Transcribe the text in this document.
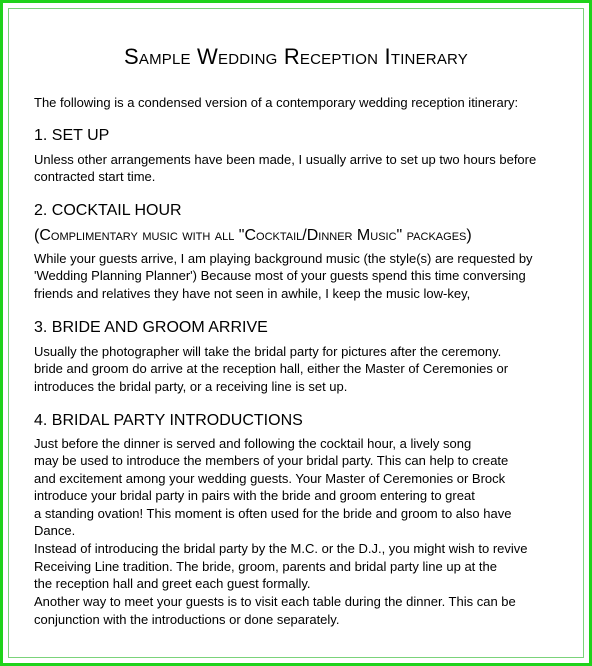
Sample Wedding Reception Itinerary
The following is a condensed version of a contemporary wedding reception itinerary:
1. SET UP
Unless other arrangements have been made, I usually arrive to set up two hours before
contracted start time.
2. COCKTAIL HOUR
(Complimentary music with all "Cocktail/Dinner Music" packages)
While your guests arrive, I am playing background music (the style(s) are requested by
'Wedding Planning Planner') Because most of your guests spend this time conversing
friends and relatives they have not seen in awhile, I keep the music low-key,
3. BRIDE AND GROOM ARRIVE
Usually the photographer will take the bridal party for pictures after the ceremony.
bride and groom do arrive at the reception hall, either the Master of Ceremonies or
introduces the bridal party, or a receiving line is set up.
4. BRIDAL PARTY INTRODUCTIONS
Just before the dinner is served and following the cocktail hour, a lively song
may be used to introduce the members of your bridal party. This can help to create
and excitement among your wedding guests. Your Master of Ceremonies or Brock
introduce your bridal party in pairs with the bride and groom entering to great
a standing ovation! This moment is often used for the bride and groom to also have
Dance.
Instead of introducing the bridal party by the M.C. or the D.J., you might wish to revive
Receiving Line tradition. The bride, groom, parents and bridal party line up at the
the reception hall and greet each guest formally.
Another way to meet your guests is to visit each table during the dinner. This can be
conjunction with the introductions or done separately.
